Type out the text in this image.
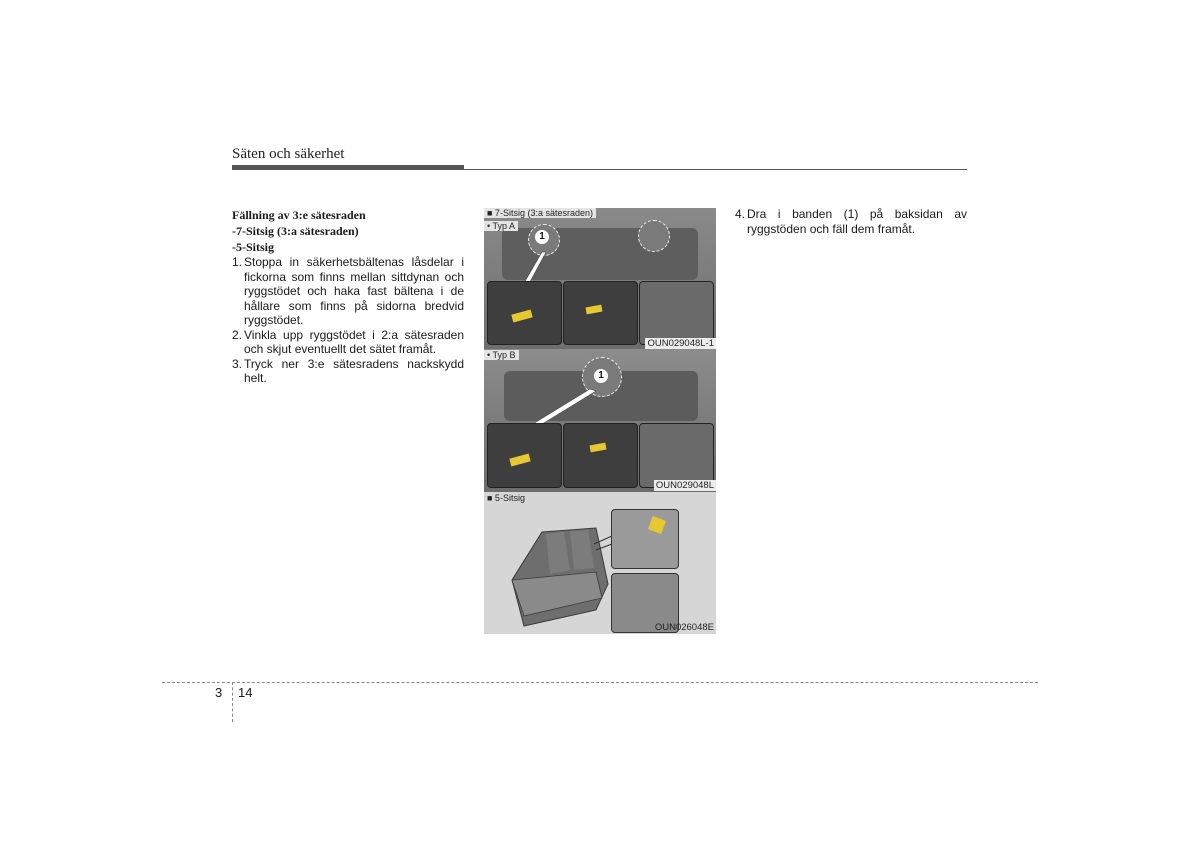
Säten och säkerhet
Fällning av 3:e sätesraden
-7-Sitsig (3:a sätesraden)
-5-Sitsig
1. Stoppa in säkerhetsbältenas låsdelar i fickorna som finns mellan sittdynan och ryggstödet och haka fast bältena i de hållare som finns på sidorna bredvid ryggstödet.
2. Vinkla upp ryggstödet i 2:a sätesraden och skjut eventuellt det sätet framåt.
3. Tryck ner 3:e sätesradens nackskydd helt.
4. Dra i banden (1) på baksidan av ryggstöden och fäll dem framåt.
1
■ 7-Sitsig (3:a sätesraden)
• Typ A
OUN029048L-1
1
• Typ B
OUN029048L
■ 5-Sitsig
OUN026048E
3 14
